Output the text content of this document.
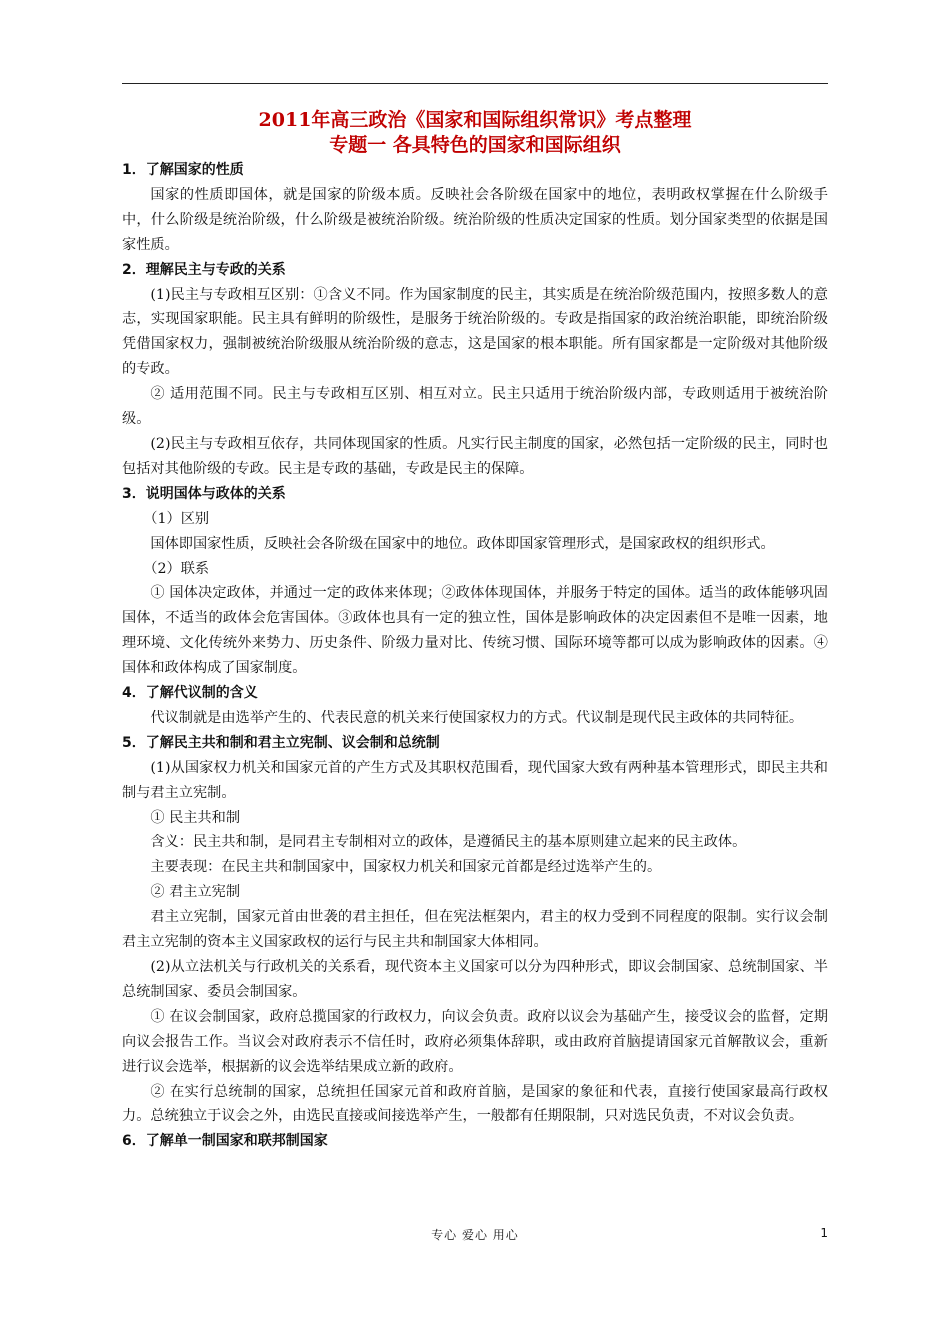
2011年高三政治《国家和国际组织常识》考点整理
专题一 各具特色的国家和国际组织

1．了解国家的性质

国家的性质即国体，就是国家的阶级本质。反映社会各阶级在国家中的地位，表明政权掌握在什么阶级手中，什么阶级是统治阶级，什么阶级是被统治阶级。统治阶级的性质决定国家的性质。划分国家类型的依据是国家性质。

2．理解民主与专政的关系

(1)民主与专政相互区别：①含义不同。作为国家制度的民主，其实质是在统治阶级范围内，按照多数人的意志，实现国家职能。民主具有鲜明的阶级性，是服务于统治阶级的。专政是指国家的政治统治职能，即统治阶级凭借国家权力，强制被统治阶级服从统治阶级的意志，这是国家的根本职能。所有国家都是一定阶级对其他阶级的专政。

② 适用范围不同。民主与专政相互区别、相互对立。民主只适用于统治阶级内部，专政则适用于被统治阶级。

(2)民主与专政相互依存，共同体现国家的性质。凡实行民主制度的国家，必然包括一定阶级的民主，同时也包括对其他阶级的专政。民主是专政的基础，专政是民主的保障。

3．说明国体与政体的关系

（1）区别

国体即国家性质，反映社会各阶级在国家中的地位。政体即国家管理形式，是国家政权的组织形式。

（2）联系

① 国体决定政体，并通过一定的政体来体现；②政体体现国体，并服务于特定的国体。适当的政体能够巩固国体，不适当的政体会危害国体。③政体也具有一定的独立性，国体是影响政体的决定因素但不是唯一因素，地理环境、文化传统外来势力、历史条件、阶级力量对比、传统习惯、国际环境等都可以成为影响政体的因素。④国体和政体构成了国家制度。

4．了解代议制的含义

代议制就是由选举产生的、代表民意的机关来行使国家权力的方式。代议制是现代民主政体的共同特征。

5．了解民主共和制和君主立宪制、议会制和总统制

(1)从国家权力机关和国家元首的产生方式及其职权范围看，现代国家大致有两种基本管理形式，即民主共和制与君主立宪制。

① 民主共和制

含义：民主共和制，是同君主专制相对立的政体，是遵循民主的基本原则建立起来的民主政体。

主要表现：在民主共和制国家中，国家权力机关和国家元首都是经过选举产生的。

② 君主立宪制

君主立宪制，国家元首由世袭的君主担任，但在宪法框架内，君主的权力受到不同程度的限制。实行议会制君主立宪制的资本主义国家政权的运行与民主共和制国家大体相同。

(2)从立法机关与行政机关的关系看，现代资本主义国家可以分为四种形式，即议会制国家、总统制国家、半总统制国家、委员会制国家。

① 在议会制国家，政府总揽国家的行政权力，向议会负责。政府以议会为基础产生，接受议会的监督，定期向议会报告工作。当议会对政府表示不信任时，政府必须集体辞职，或由政府首脑提请国家元首解散议会，重新进行议会选举，根据新的议会选举结果成立新的政府。

② 在实行总统制的国家，总统担任国家元首和政府首脑，是国家的象征和代表，直接行使国家最高行政权力。总统独立于议会之外，由选民直接或间接选举产生，一般都有任期限制，只对选民负责，不对议会负责。

6．了解单一制国家和联邦制国家

专心 爱心 用心	1
